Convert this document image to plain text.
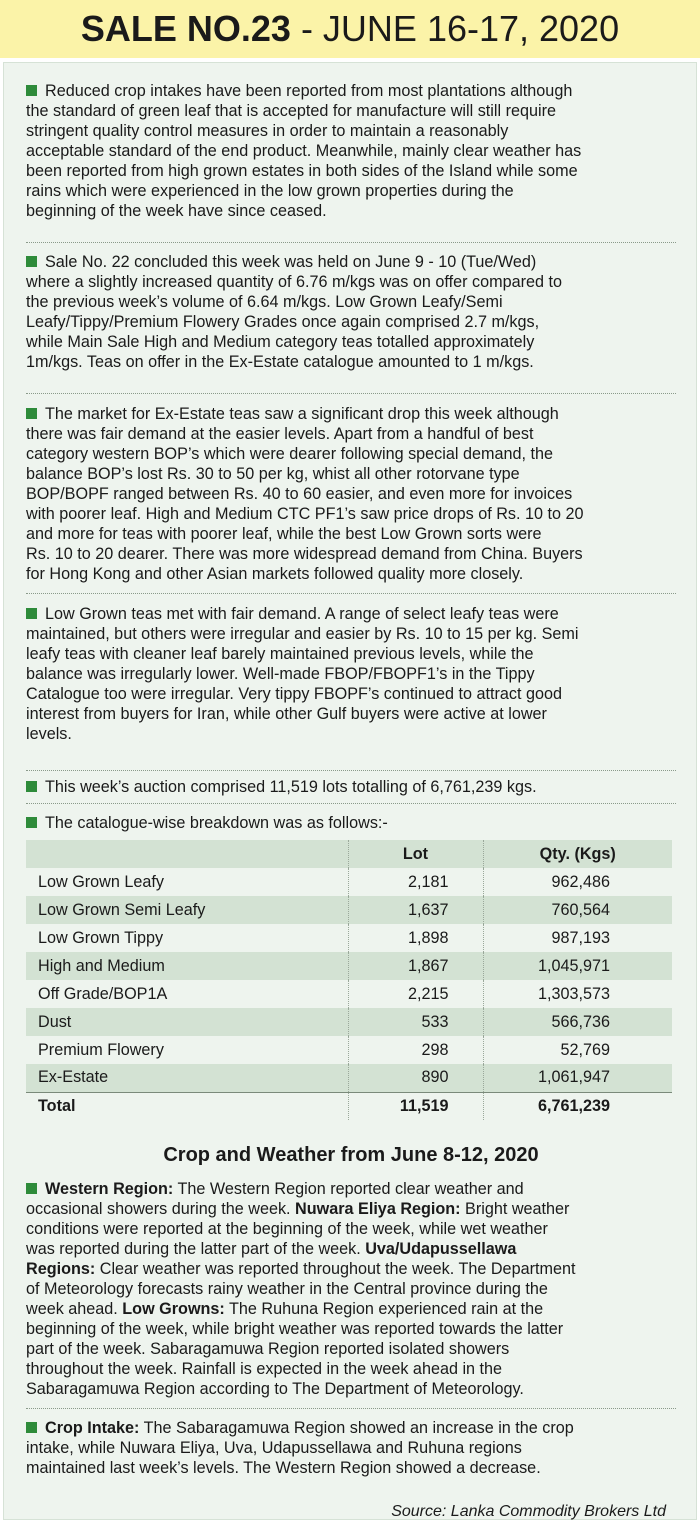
SALE NO.23 - JUNE 16-17, 2020
Reduced crop intakes have been reported from most plantations although
the standard of green leaf that is accepted for manufacture will still require
stringent quality control measures in order to maintain a reasonably
acceptable standard of the end product. Meanwhile, mainly clear weather has
been reported from high grown estates in both sides of the Island while some
rains which were experienced in the low grown properties during the
beginning of the week have since ceased.
Sale No. 22 concluded this week was held on June 9 - 10 (Tue/Wed)
where a slightly increased quantity of 6.76 m/kgs was on offer compared to
the previous week’s volume of 6.64 m/kgs. Low Grown Leafy/Semi
Leafy/Tippy/Premium Flowery Grades once again comprised 2.7 m/kgs,
while Main Sale High and Medium category teas totalled approximately
1m/kgs. Teas on offer in the Ex-Estate catalogue amounted to 1 m/kgs.
The market for Ex-Estate teas saw a significant drop this week although
there was fair demand at the easier levels. Apart from a handful of best
category western BOP’s which were dearer following special demand, the
balance BOP’s lost Rs. 30 to 50 per kg, whist all other rotorvane type
BOP/BOPF ranged between Rs. 40 to 60 easier, and even more for invoices
with poorer leaf. High and Medium CTC PF1’s saw price drops of Rs. 10 to 20
and more for teas with poorer leaf, while the best Low Grown sorts were
Rs. 10 to 20 dearer. There was more widespread demand from China. Buyers
for Hong Kong and other Asian markets followed quality more closely.
Low Grown teas met with fair demand. A range of select leafy teas were
maintained, but others were irregular and easier by Rs. 10 to 15 per kg. Semi
leafy teas with cleaner leaf barely maintained previous levels, while the
balance was irregularly lower. Well-made FBOP/FBOPF1’s in the Tippy
Catalogue too were irregular. Very tippy FBOPF’s continued to attract good
interest from buyers for Iran, while other Gulf buyers were active at lower
levels.
This week’s auction comprised 11,519 lots totalling of 6,761,239 kgs.
The catalogue-wise breakdown was as follows:-
	Lot	Qty. (Kgs)
Low Grown Leafy	2,181	962,486
Low Grown Semi Leafy	1,637	760,564
Low Grown Tippy	1,898	987,193
High and Medium	1,867	1,045,971
Off Grade/BOP1A	2,215	1,303,573
Dust	533	566,736
Premium Flowery	298	52,769
Ex-Estate	890	1,061,947
Total	11,519	6,761,239
Crop and Weather from June 8-12, 2020
Western Region: The Western Region reported clear weather and
occasional showers during the week. Nuwara Eliya Region: Bright weather
conditions were reported at the beginning of the week, while wet weather
was reported during the latter part of the week. Uva/Udapussellawa
Regions: Clear weather was reported throughout the week. The Department
of Meteorology forecasts rainy weather in the Central province during the
week ahead. Low Growns: The Ruhuna Region experienced rain at the
beginning of the week, while bright weather was reported towards the latter
part of the week. Sabaragamuwa Region reported isolated showers
throughout the week. Rainfall is expected in the week ahead in the
Sabaragamuwa Region according to The Department of Meteorology.
Crop Intake: The Sabaragamuwa Region showed an increase in the crop
intake, while Nuwara Eliya, Uva, Udapussellawa and Ruhuna regions
maintained last week’s levels. The Western Region showed a decrease.
Source: Lanka Commodity Brokers Ltd
